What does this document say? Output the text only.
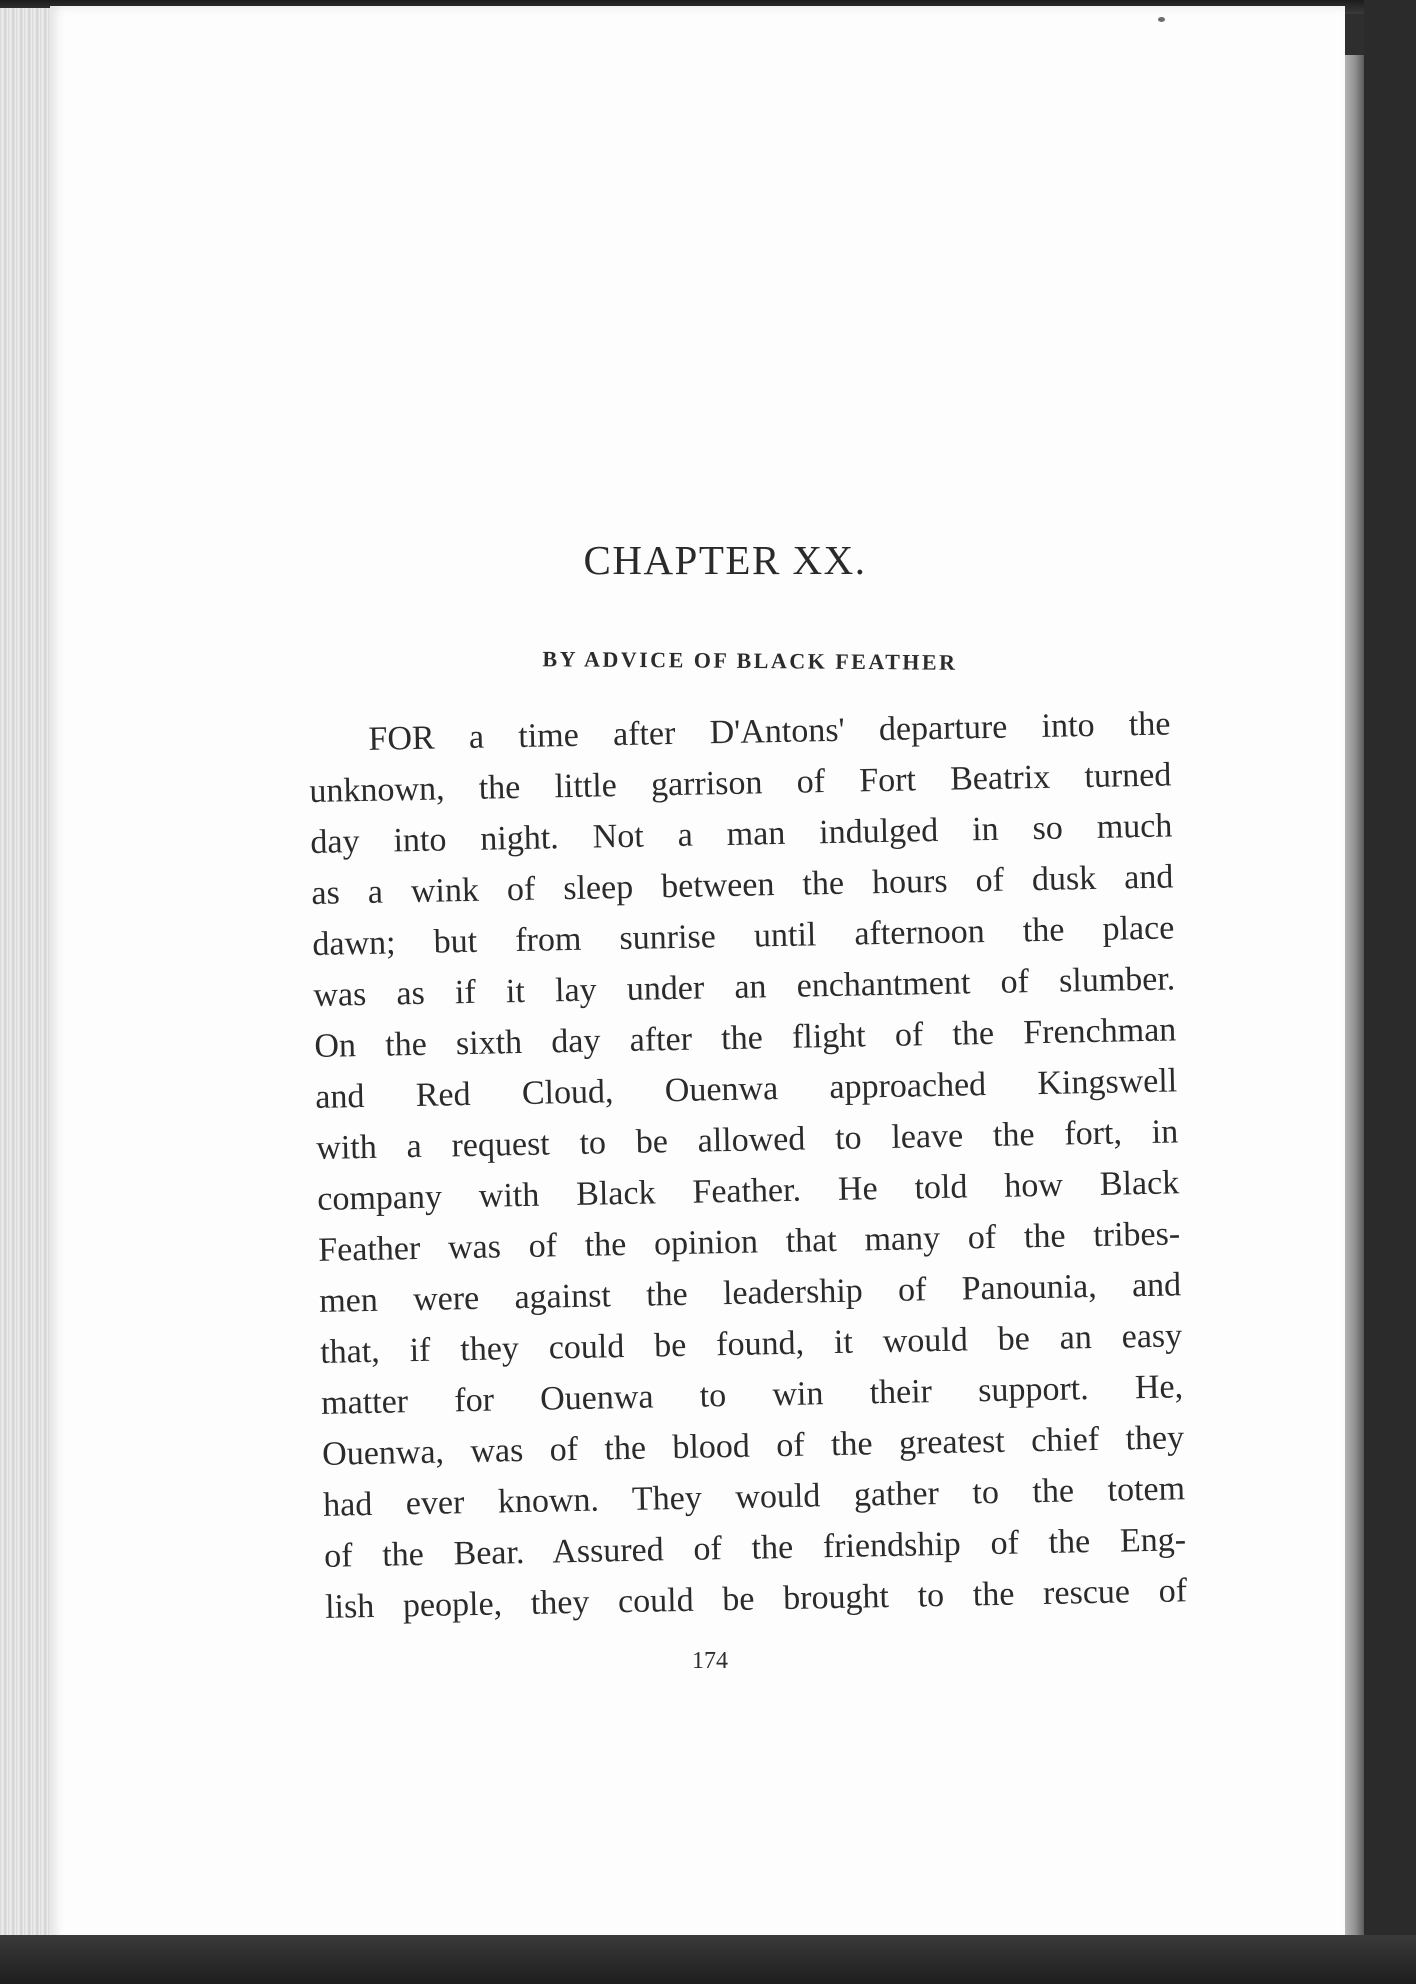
CHAPTER XX.
BY ADVICE OF BLACK FEATHER
FOR a time after D'Antons' departure into the
unknown, the little garrison of Fort Beatrix turned
day into night. Not a man indulged in so much
as a wink of sleep between the hours of dusk and
dawn; but from sunrise until afternoon the place
was as if it lay under an enchantment of slumber.
On the sixth day after the flight of the Frenchman
and Red Cloud, Ouenwa approached Kingswell
with a request to be allowed to leave the fort, in
company with Black Feather. He told how Black
Feather was of the opinion that many of the tribes-
men were against the leadership of Panounia, and
that, if they could be found, it would be an easy
matter for Ouenwa to win their support. He,
Ouenwa, was of the blood of the greatest chief they
had ever known. They would gather to the totem
of the Bear. Assured of the friendship of the Eng-
lish people, they could be brought to the rescue of
174
